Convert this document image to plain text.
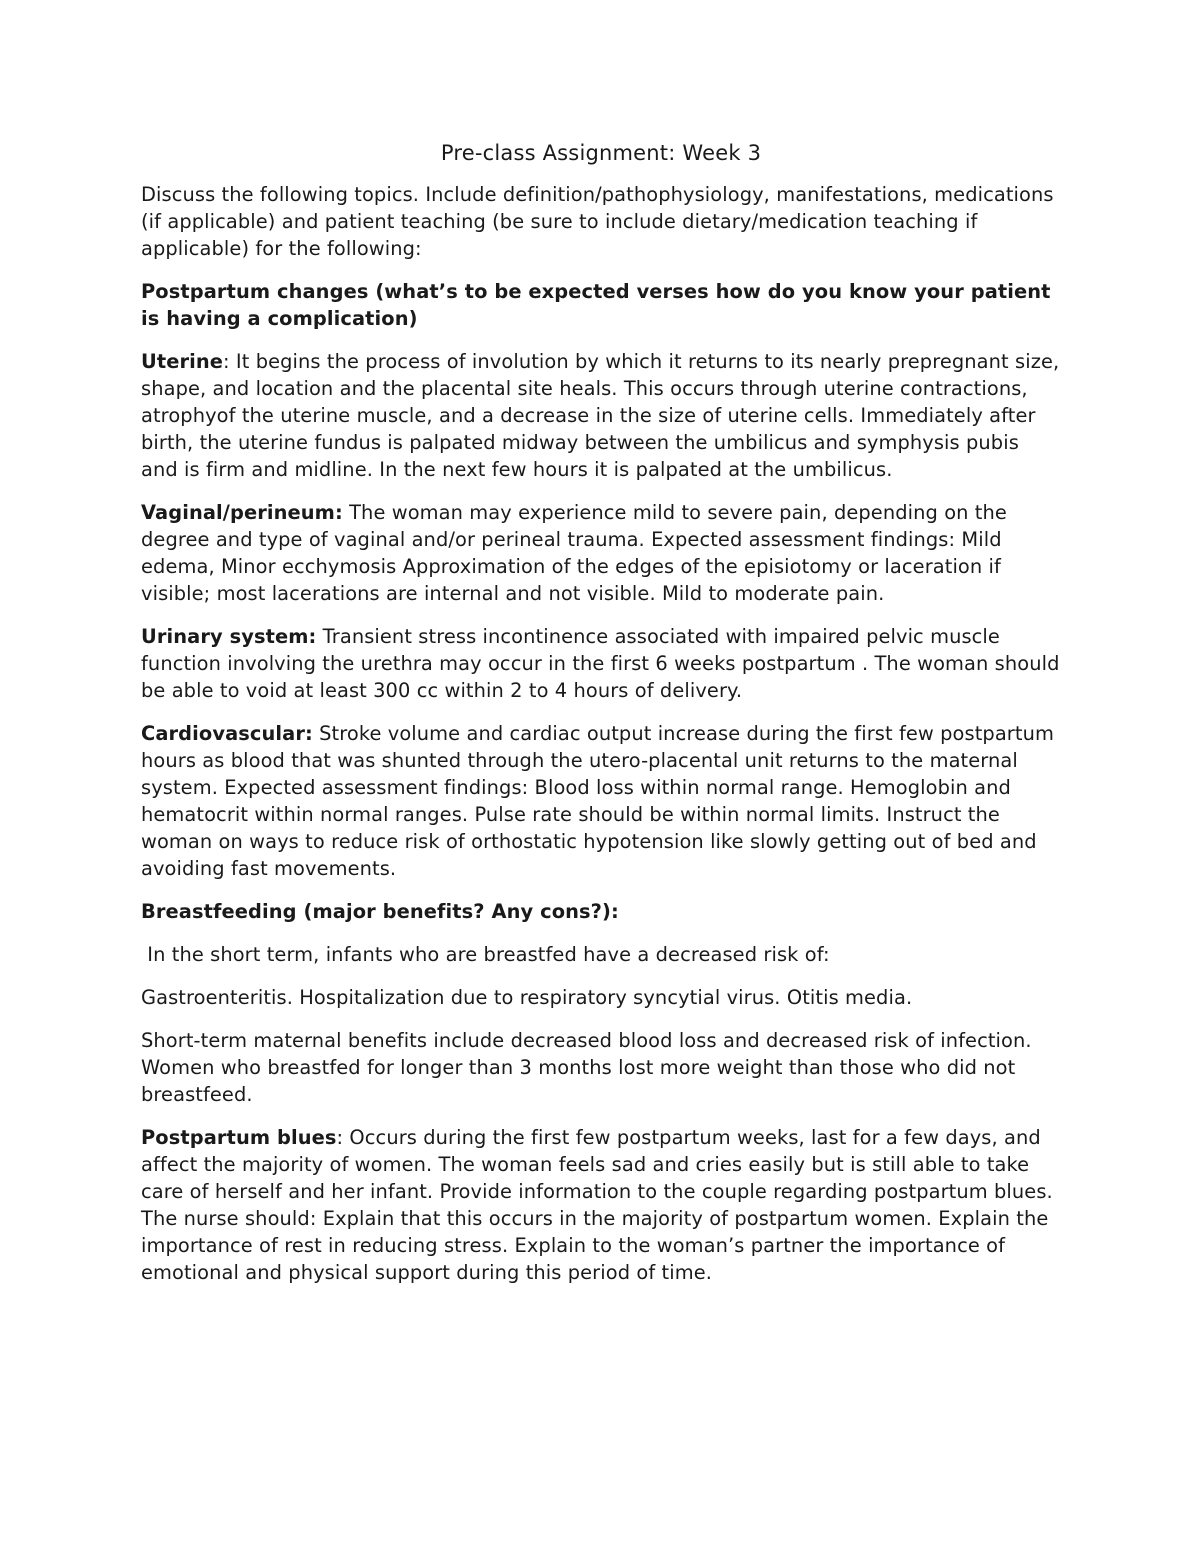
Pre-class Assignment: Week 3

Discuss the following topics. Include definition/pathophysiology, manifestations, medications (if applicable) and patient teaching (be sure to include dietary/medication teaching if applicable) for the following:

Postpartum changes (what’s to be expected verses how do you know your patient is having a complication)

Uterine: It begins the process of involution by which it returns to its nearly prepregnant size, shape, and location and the placental site heals. This occurs through uterine contractions, atrophyof the uterine muscle, and a decrease in the size of uterine cells. Immediately after birth, the uterine fundus is palpated midway between the umbilicus and symphysis pubis and is firm and midline. In the next few hours it is palpated at the umbilicus.

Vaginal/perineum: The woman may experience mild to severe pain, depending on the degree and type of vaginal and/or perineal trauma. Expected assessment findings: Mild edema, Minor ecchymosis Approximation of the edges of the episiotomy or laceration if visible; most lacerations are internal and not visible. Mild to moderate pain.

Urinary system: Transient stress incontinence associated with impaired pelvic muscle function involving the urethra may occur in the first 6 weeks postpartum . The woman should be able to void at least 300 cc within 2 to 4 hours of delivery.

Cardiovascular: Stroke volume and cardiac output increase during the first few postpartum hours as blood that was shunted through the utero-placental unit returns to the maternal system. Expected assessment findings: Blood loss within normal range. Hemoglobin and hematocrit within normal ranges. Pulse rate should be within normal limits. Instruct the woman on ways to reduce risk of orthostatic hypotension like slowly getting out of bed and avoiding fast movements.

Breastfeeding (major benefits? Any cons?):

In the short term, infants who are breastfed have a decreased risk of:

Gastroenteritis. Hospitalization due to respiratory syncytial virus. Otitis media.

Short-term maternal benefits include decreased blood loss and decreased risk of infection. Women who breastfed for longer than 3 months lost more weight than those who did not breastfeed.

Postpartum blues: Occurs during the first few postpartum weeks, last for a few days, and affect the majority of women. The woman feels sad and cries easily but is still able to take care of herself and her infant. Provide information to the couple regarding postpartum blues. The nurse should: Explain that this occurs in the majority of postpartum women. Explain the importance of rest in reducing stress. Explain to the woman’s partner the importance of emotional and physical support during this period of time.
